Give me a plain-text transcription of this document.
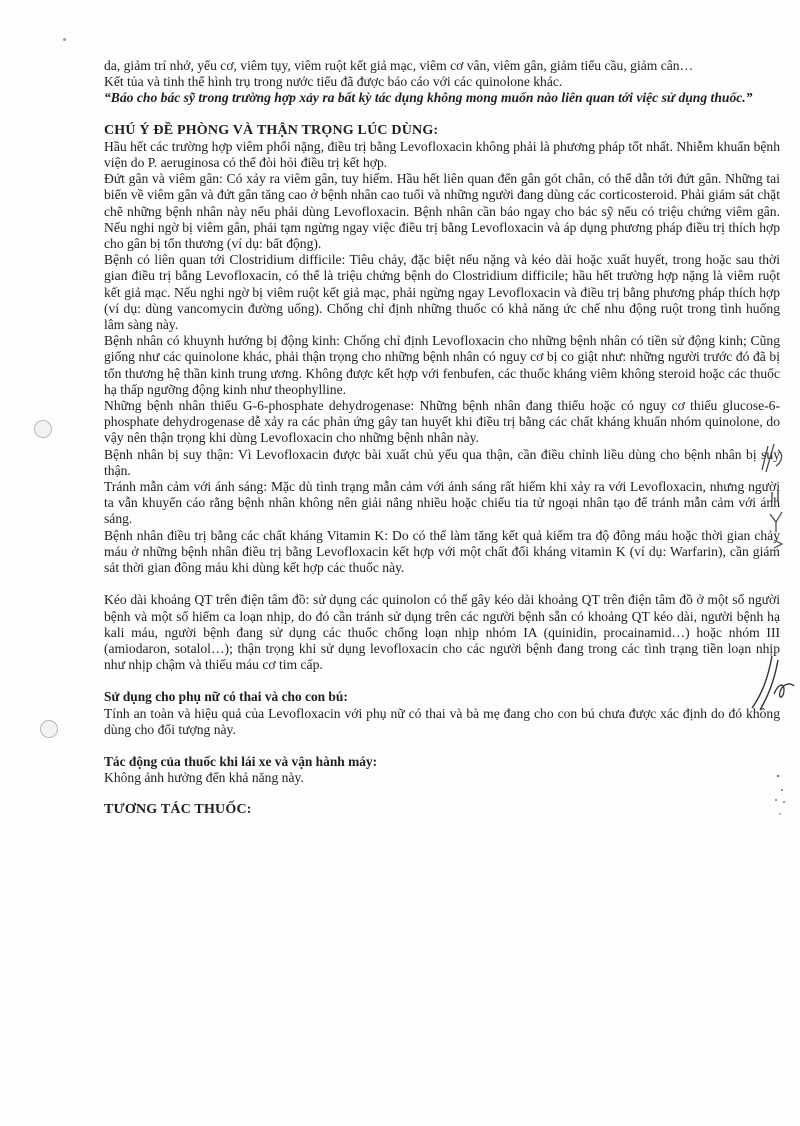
da, giảm trí nhớ, yếu cơ, viêm tụy, viêm ruột kết giả mạc, viêm cơ vân, viêm gân, giảm tiểu cầu, giảm cân…

Kết tủa và tinh thể hình trụ trong nước tiểu đã được báo cáo với các quinolone khác.

“Báo cho bác sỹ trong trường hợp xảy ra bất kỳ tác dụng không mong muốn nào liên quan tới việc sử dụng thuốc.”

CHÚ Ý ĐỀ PHÒNG VÀ THẬN TRỌNG LÚC DÙNG:

Hầu hết các trường hợp viêm phổi nặng, điều trị bằng Levofloxacin không phải là phương pháp tốt nhất. Nhiễm khuẩn bệnh viện do P. aeruginosa có thể đòi hỏi điều trị kết hợp.

Đứt gân và viêm gân: Có xảy ra viêm gân, tuy hiếm. Hầu hết liên quan đến gân gót chân, có thể dẫn tới đứt gân. Những tai biến về viêm gân và đứt gân tăng cao ở bệnh nhân cao tuổi và những người đang dùng các corticosteroid. Phải giám sát chặt chẽ những bệnh nhân này nếu phải dùng Levofloxacin. Bệnh nhân cần báo ngay cho bác sỹ nếu có triệu chứng viêm gân. Nếu nghi ngờ bị viêm gân, phải tạm ngừng ngay việc điều trị bằng Levofloxacin và áp dụng phương pháp điều trị thích hợp cho gân bị tổn thương (ví dụ: bất động).

Bệnh có liên quan tới Clostridium difficile: Tiêu chảy, đặc biệt nếu nặng và kéo dài hoặc xuất huyết, trong hoặc sau thời gian điều trị bằng Levofloxacin, có thể là triệu chứng bệnh do Clostridium difficile; hầu hết trường hợp nặng là viêm ruột kết giả mạc. Nếu nghi ngờ bị viêm ruột kết giả mạc, phải ngừng ngay Levofloxacin và điều trị bằng phương pháp thích hợp (ví dụ: dùng vancomycin đường uống). Chống chỉ định những thuốc có khả năng ức chế nhu động ruột trong tình huống lâm sàng này.

Bệnh nhân có khuynh hướng bị động kinh: Chống chỉ định Levofloxacin cho những bệnh nhân có tiền sử động kinh; Cũng giống như các quinolone khác, phải thận trọng cho những bệnh nhân có nguy cơ bị co giật như: những người trước đó đã bị tổn thương hệ thần kinh trung ương. Không được kết hợp với fenbufen, các thuốc kháng viêm không steroid hoặc các thuốc hạ thấp ngưỡng động kinh như theophylline.

Những bệnh nhân thiếu G-6-phosphate dehydrogenase: Những bệnh nhân đang thiếu hoặc có nguy cơ thiếu glucose-6-phosphate dehydrogenase dễ xảy ra các phản ứng gây tan huyết khi điều trị bằng các chất kháng khuẩn nhóm quinolone, do vậy nên thận trọng khi dùng Levofloxacin cho những bệnh nhân này.

Bệnh nhân bị suy thận: Vì Levofloxacin được bài xuất chủ yếu qua thận, cần điều chỉnh liều dùng cho bệnh nhân bị suy thận.

Tránh mẫn cảm với ánh sáng: Mặc dù tình trạng mẫn cảm với ánh sáng rất hiếm khi xảy ra với Levofloxacin, nhưng người ta vẫn khuyến cáo rằng bệnh nhân không nên giải nắng nhiều hoặc chiếu tia tử ngoại nhân tạo để tránh mẫn cảm với ánh sáng.

Bệnh nhân điều trị bằng các chất kháng Vitamin K: Do có thể làm tăng kết quả kiểm tra độ đông máu hoặc thời gian chảy máu ở những bệnh nhân điều trị bằng Levofloxacin kết hợp với một chất đối kháng vitamin K (ví dụ: Warfarin), cần giám sát thời gian đông máu khi dùng kết hợp các thuốc này.

Kéo dài khoảng QT trên điện tâm đồ: sử dụng các quinolon có thể gây kéo dài khoảng QT trên điện tâm đồ ở một số người bệnh và một số hiếm ca loạn nhịp, do đó cần tránh sử dụng trên các người bệnh sẵn có khoảng QT kéo dài, người bệnh hạ kali máu, người bệnh đang sử dụng các thuốc chống loạn nhịp nhóm IA (quinidin, procainamid…) hoặc nhóm III (amiodaron, sotalol…); thận trọng khi sử dụng levofloxacin cho các người bệnh đang trong các tình trạng tiền loạn nhịp như nhịp chậm và thiếu máu cơ tim cấp.

Sử dụng cho phụ nữ có thai và cho con bú:

Tính an toàn và hiệu quả của Levofloxacin với phụ nữ có thai và bà mẹ đang cho con bú chưa được xác định do đó không dùng cho đối tượng này.

Tác động của thuốc khi lái xe và vận hành máy:

Không ảnh hưởng đến khả năng này.

TƯƠNG TÁC THUỐC:
